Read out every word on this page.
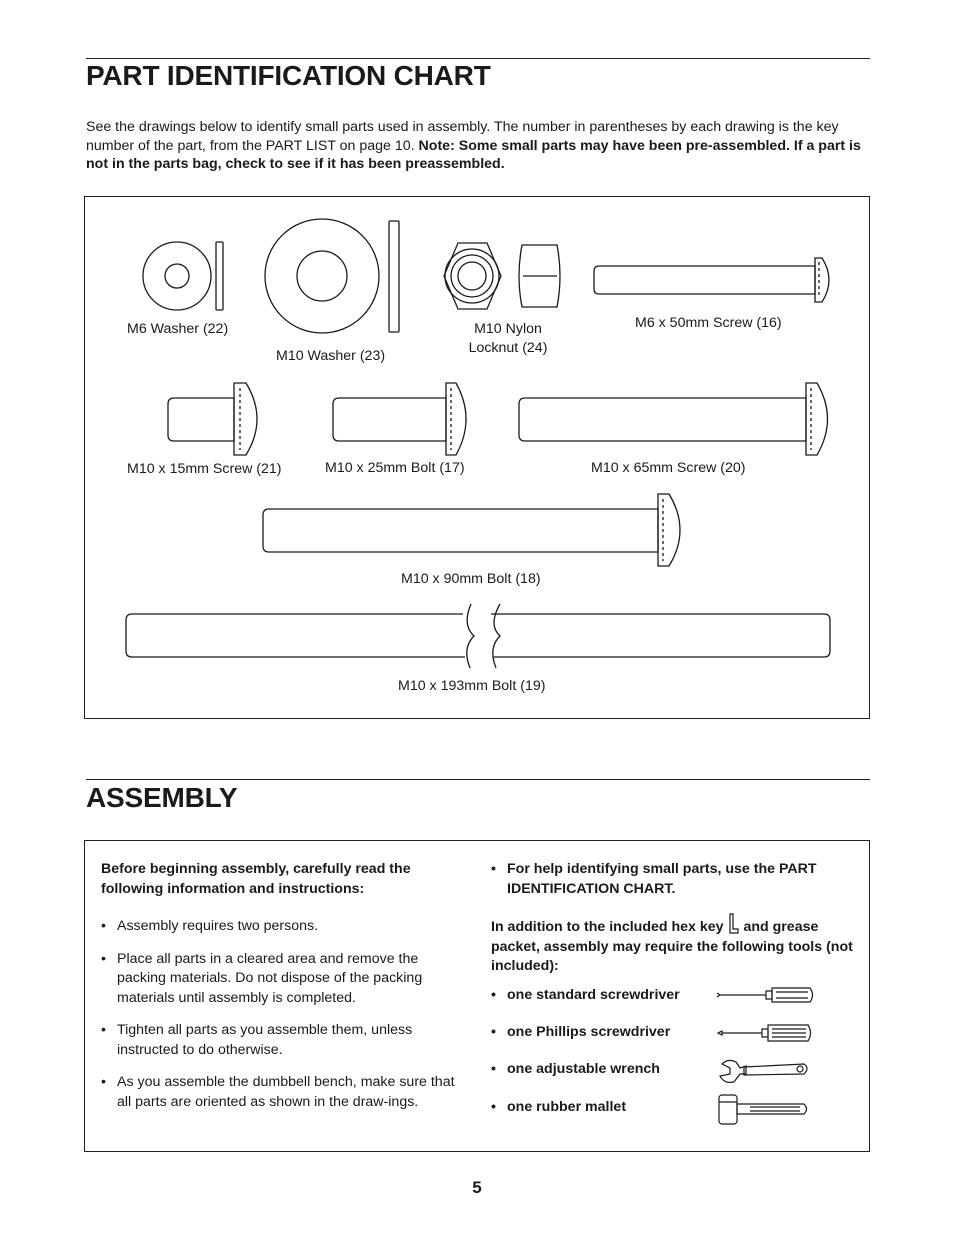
PART IDENTIFICATION CHART
See the drawings below to identify small parts used in assembly. The number in parentheses by each drawing is the key number of the part, from the PART LIST on page 10. Note: Some small parts may have been pre-assembled. If a part is not in the parts bag, check to see if it has been preassembled.
M6 Washer (22)
M10 Washer (23)
M10 Nylon
Locknut (24)
M6 x 50mm Screw (16)
M10 x 15mm Screw (21)	M10 x 25mm Bolt (17)	M10 x 65mm Screw (20)
M10 x 90mm Bolt (18)
M10 x 193mm Bolt (19)
ASSEMBLY
Before beginning assembly, carefully read the following information and instructions:
• Assembly requires two persons.
• Place all parts in a cleared area and remove the packing materials. Do not dispose of the packing materials until assembly is completed.
• Tighten all parts as you assemble them, unless instructed to do otherwise.
• As you assemble the dumbbell bench, make sure that all parts are oriented as shown in the draw-ings.
• For help identifying small parts, use the PART IDENTIFICATION CHART.
In addition to the included hex key and grease packet, assembly may require the following tools (not included):
• one standard screwdriver
• one Phillips screwdriver
• one adjustable wrench
• one rubber mallet
5
